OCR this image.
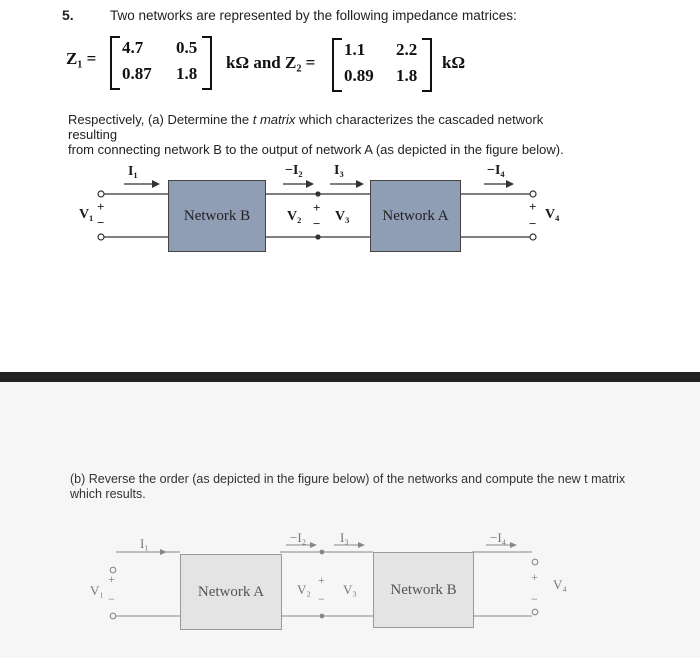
5.	Two networks are represented by the following impedance matrices:
Z₁ =
4.7 0.5
0.87 1.8
kΩ and Z₂ =
1.1 2.2
0.89 1.8
kΩ
Respectively, (a) Determine the t matrix which characterizes the cascaded network resulting
from connecting network B to the output of network A (as depicted in the figure below).
Network B	Network A
I₁	−I₂ I₃	−I₄
V₁
+
−	V₂
+
− V₃
+
−
V₄
(b) Reverse the order (as depicted in the figure below) of the networks and compute the new t matrix
which results.
Network A	Network B
I₁	−I₂	I₃	−I₄
V₁
+
−
V₂
+
−
V₃
+
−
V₄
